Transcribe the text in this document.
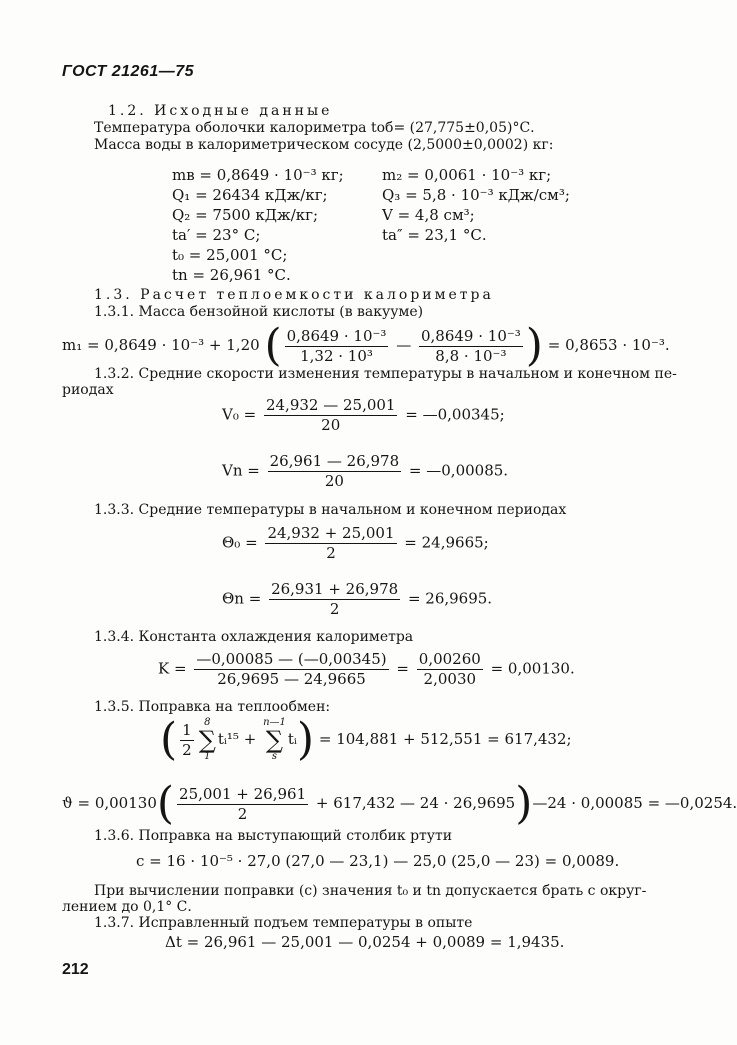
ГОСТ 21261—75
1.2. Исходные данные
Температура оболочки калориметра tоб= (27,775±0,05)°С.
Масса воды в калориметрическом сосуде (2,5000±0,0002) кг:
mв = 0,8649 · 10⁻³ кг;
Q₁ = 26434 кДж/кг;
Q₂ = 7500 кДж/кг;
tа′ = 23° С;
t₀ = 25,001 °С;
tn = 26,961 °С.
m₂ = 0,0061 · 10⁻³ кг;
Q₃ = 5,8 · 10⁻³ кДж/см³;
V = 4,8 см³;
tа″ = 23,1 °С.
1.3. Расчет теплоемкости калориметра
1.3.1. Масса бензойной кислоты (в вакууме)
m₁ = 0,8649 · 10⁻³ + 1,20 ( $\frac{\text{0,8649 · 10⁻³}}{\text{1,32 · 10³}}$ — $\frac{\text{0,8649 · 10⁻³}}{\text{8,8 · 10⁻³}}$ ) = 0,8653 · 10⁻³.
1.3.2. Средние скорости изменения температуры в начальном и конечном пе-
риодах
$V_0 = \frac{24,932 — 25,001}{20}$ = —0,00345;
$Vn = \frac{26,961 — 26,978}{20}$ = —0,00085.
1.3.3. Средние температуры в начальном и конечном периодах
$\Theta_0 = \frac{24,932 + 25,001}{2} = 24,9665$;
$\Theta n = \frac{26,931 + 26,978}{2} = 26,9695$.
1.3.4. Константа охлаждения калориметра
$K = \frac{—0,00085 — (—0,00345)}{26,9695 — 24,9665} = \frac{0,00260}{2,0030} = 0,00130$.
1.3.5. Поправка на теплообмен:
( $\frac{1}{2} 8$
∑
1
tᵢ¹⁵ +
n—1
∑
s
tᵢ) = 104,881 + 512,551 = 617,432;
$ϑ = 0,00130( \frac{25,001 + 26,961}{2} + 617,432$ — 24 · 26,9695)—24 · 0,00085 = —0,0254.
1.3.6. Поправка на выступающий столбик ртути
c = 16 · 10⁻⁵ · 27,0 (27,0 — 23,1) — 25,0 (25,0 — 23) = 0,0089.
При вычислении поправки (c) значения t₀ и tn допускается брать с округ-
лением до 0,1° С.
1.3.7. Исправленный подъем температуры в опыте
Δt = 26,961 — 25,001 — 0,0254 + 0,0089 = 1,9435.
212
